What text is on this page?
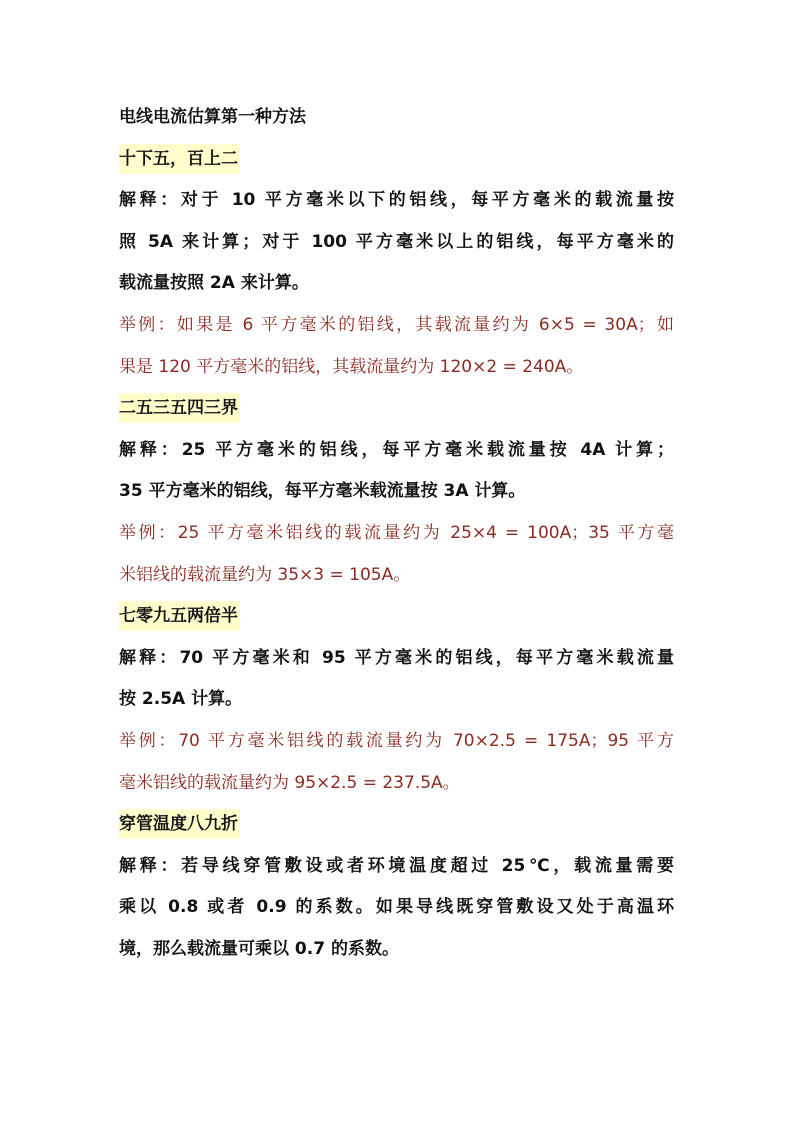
电线电流估算第一种方法
十下五，百上二
解释：对于 10 平方毫米以下的铝线，每平方毫米的载流量按
照 5A 来计算；对于 100 平方毫米以上的铝线，每平方毫米的
载流量按照 2A 来计算。
举例：如果是 6 平方毫米的铝线，其载流量约为 6×5 = 30A；如
果是 120 平方毫米的铝线，其载流量约为 120×2 = 240A。
二五三五四三界
解释：25 平方毫米的铝线，每平方毫米载流量按 4A 计算；
35 平方毫米的铝线，每平方毫米载流量按 3A 计算。
举例：25 平方毫米铝线的载流量约为 25×4 = 100A；35 平方毫
米铝线的载流量约为 35×3 = 105A。
七零九五两倍半
解释：70 平方毫米和 95 平方毫米的铝线，每平方毫米载流量
按 2.5A 计算。
举例：70 平方毫米铝线的载流量约为 70×2.5 = 175A；95 平方
毫米铝线的载流量约为 95×2.5 = 237.5A。
穿管温度八九折
解释：若导线穿管敷设或者环境温度超过 25℃，载流量需要
乘以 0.8 或者 0.9 的系数。如果导线既穿管敷设又处于高温环
境，那么载流量可乘以 0.7 的系数。
